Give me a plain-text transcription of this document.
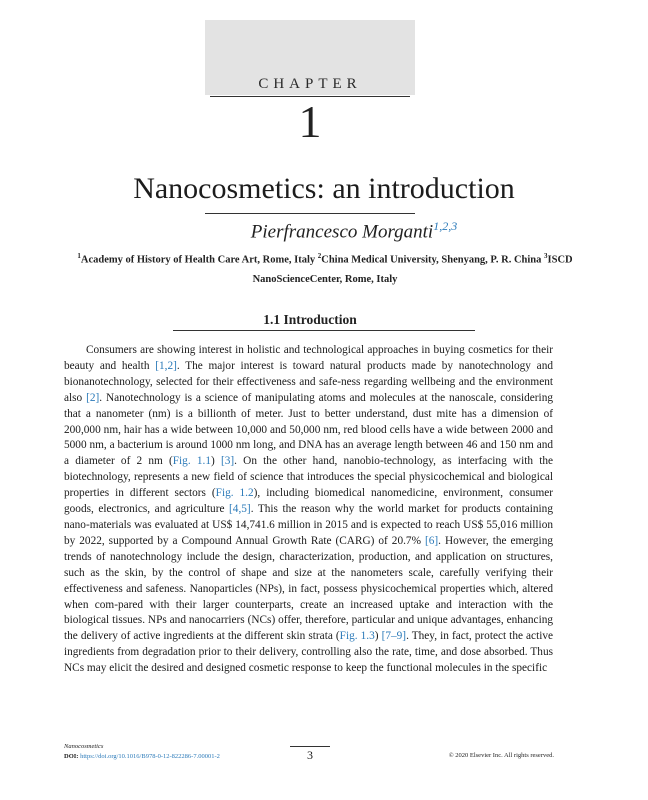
CHAPTER
1
Nanocosmetics: an introduction
Pierfrancesco Morganti$^{1,2,3}$
$^1$Academy of History of Health Care Art, Rome, Italy $^2$China Medical University, Shenyang, P. R. China $^3$ISCD NanoScienceCenter, Rome, Italy
1.1 Introduction

Consumers are showing interest in holistic and technological approaches in buying cosmetics for their beauty and health [1,2]. The major interest is toward natural products made by nanotechnology and bionanotechnology, selected for their effectiveness and safe-ness regarding wellbeing and the environment also [2]. Nanotechnology is a science of manipulating atoms and molecules at the nanoscale, considering that a nanometer (nm) is a billionth of meter. Just to better understand, dust mite has a dimension of 200,000 nm, hair has a wide between 10,000 and 50,000 nm, red blood cells have a wide between 2000 and 5000 nm, a bacterium is around 1000 nm long, and DNA has an average length between 46 and 150 nm and a diameter of 2 nm (Fig. 1.1) [3]. On the other hand, nanobio-technology, as interfacing with the biotechnology, represents a new field of science that introduces the special physicochemical and biological properties in different sectors (Fig. 1.2), including biomedical nanomedicine, environment, consumer goods, electronics, and agriculture [4,5]. This the reason why the world market for products containing nano-materials was evaluated at US$ 14,741.6 million in 2015 and is expected to reach US$ 55,016 million by 2022, supported by a Compound Annual Growth Rate (CARG) of 20.7% [6]. However, the emerging trends of nanotechnology include the design, characterization, production, and application on structures, such as the skin, by the control of shape and size at the nanometers scale, carefully verifying their effectiveness and safeness. Nanoparticles (NPs), in fact, possess physicochemical properties which, altered when com-pared with their larger counterparts, create an increased uptake and interaction with the biological tissues. NPs and nanocarriers (NCs) offer, therefore, particular and unique advantages, enhancing the delivery of active ingredients at the different skin strata (Fig. 1.3) [7–9]. They, in fact, protect the active ingredients from degradation prior to their delivery, controlling also the rate, time, and dose absorbed. Thus NCs may elicit the desired and designed cosmetic response to keep the functional molecules in the specific

Nanocosmetics
DOI: https://doi.org/10.1016/B978-0-12-822286-7.00001-2	3	© 2020 Elsevier Inc. All rights reserved.
